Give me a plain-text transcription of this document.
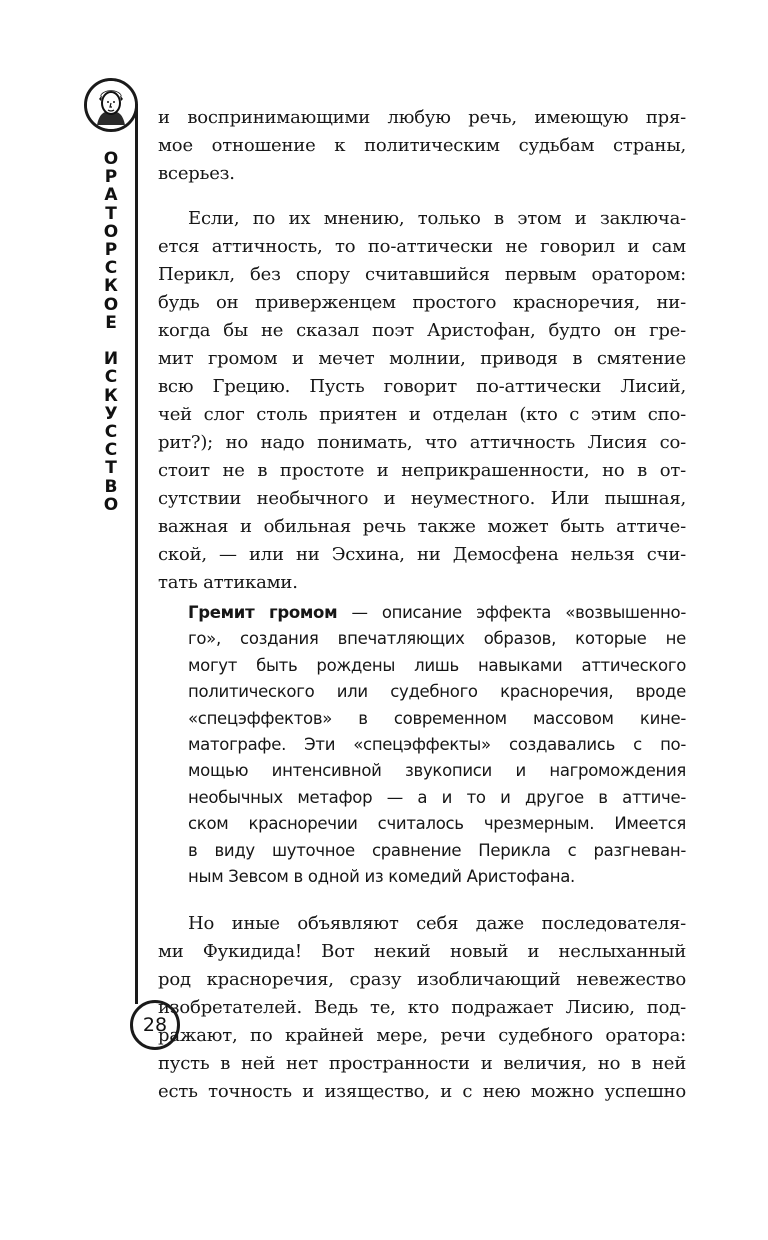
О
Р
А
Т
О
Р
С
К
О
Е
И
С
К
У
С
С
Т
В
О
28
и воспринимающими любую речь, имеющую пря-
мое отношение к политическим судьбам страны,
всерьез.
Если, по их мнению, только в этом и заключа-
ется аттичность, то по-аттически не говорил и сам
Перикл, без спору считавшийся первым оратором:
будь он приверженцем простого красноречия, ни-
когда бы не сказал поэт Аристофан, будто он гре-
мит громом и мечет молнии, приводя в смятение
всю Грецию. Пусть говорит по-аттически Лисий,
чей слог столь приятен и отделан (кто с этим спо-
рит?); но надо понимать, что аттичность Лисия со-
стоит не в простоте и неприкрашенности, но в от-
сутствии необычного и неуместного. Или пышная,
важная и обильная речь также может быть аттиче-
ской, — или ни Эсхина, ни Демосфена нельзя счи-
тать аттиками.
Гремит громом — описание эффекта «возвышенно-
го», создания впечатляющих образов, которые не
могут быть рождены лишь навыками аттического
политического или судебного красноречия, вроде
«спецэффектов» в современном массовом кине-
матографе. Эти «спецэффекты» создавались с по-
мощью интенсивной звукописи и нагромождения
необычных метафор — а и то и другое в аттиче-
ском красноречии считалось чрезмерным. Имеется
в виду шуточное сравнение Перикла с разгневан-
ным Зевсом в одной из комедий Аристофана.
Но иные объявляют себя даже последователя-
ми Фукидида! Вот некий новый и неслыханный
род красноречия, сразу изобличающий невежество
изобретателей. Ведь те, кто подражает Лисию, под-
ражают, по крайней мере, речи судебного оратора:
пусть в ней нет пространности и величия, но в ней
есть точность и изящество, и с нею можно успешно
